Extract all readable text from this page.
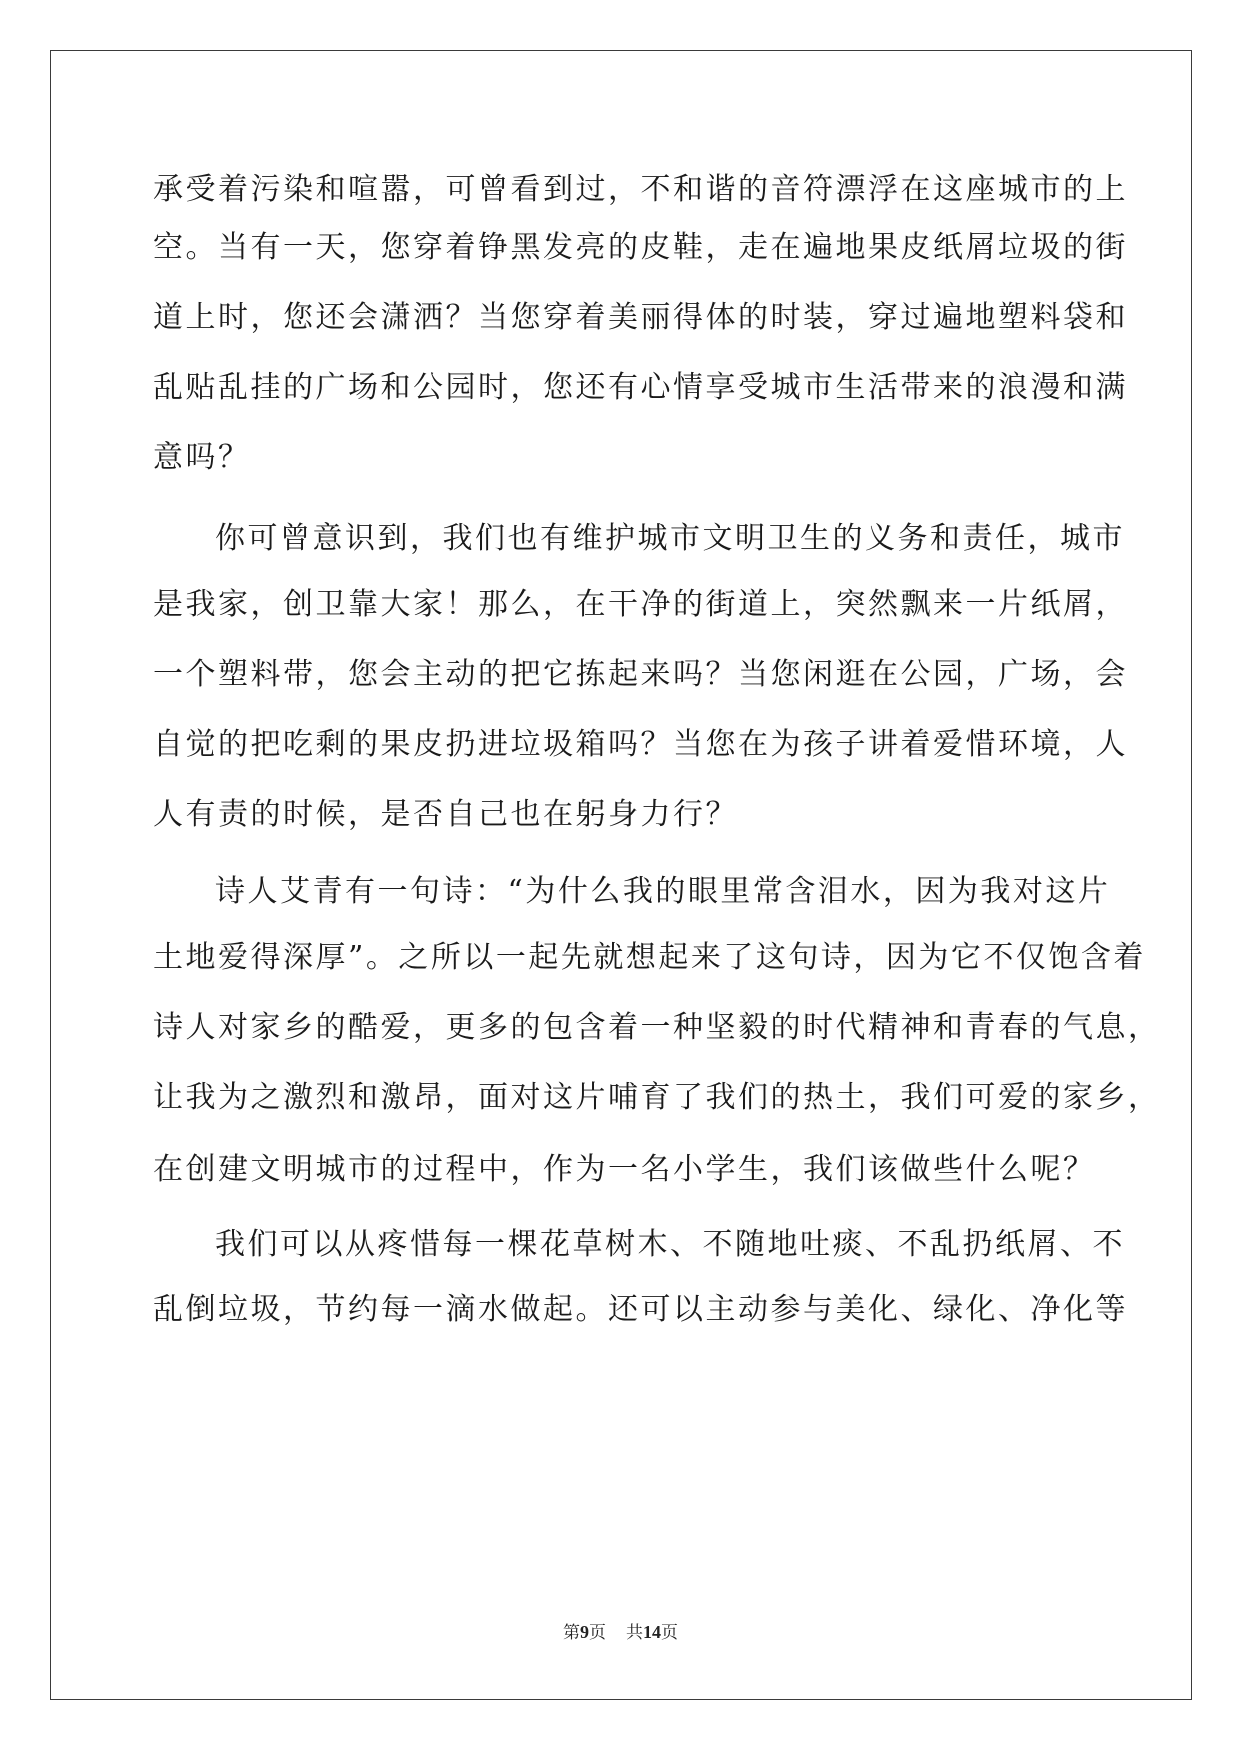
承受着污染和喧嚣，可曾看到过，不和谐的音符漂浮在这座城市的上
空。当有一天，您穿着铮黑发亮的皮鞋，走在遍地果皮纸屑垃圾的街
道上时，您还会潇洒？当您穿着美丽得体的时装，穿过遍地塑料袋和
乱贴乱挂的广场和公园时，您还有心情享受城市生活带来的浪漫和满
意吗？
你可曾意识到，我们也有维护城市文明卫生的义务和责任，城市
是我家，创卫靠大家！那么，在干净的街道上，突然飘来一片纸屑，
一个塑料带，您会主动的把它拣起来吗？当您闲逛在公园，广场，会
自觉的把吃剩的果皮扔进垃圾箱吗？当您在为孩子讲着爱惜环境，人
人有责的时候，是否自己也在躬身力行？
诗人艾青有一句诗：“为什么我的眼里常含泪水，因为我对这片
土地爱得深厚”。之所以一起先就想起来了这句诗，因为它不仅饱含着
诗人对家乡的酷爱，更多的包含着一种坚毅的时代精神和青春的气息，
让我为之激烈和激昂，面对这片哺育了我们的热土，我们可爱的家乡，
在创建文明城市的过程中，作为一名小学生，我们该做些什么呢？
我们可以从疼惜每一棵花草树木、不随地吐痰、不乱扔纸屑、不
乱倒垃圾，节约每一滴水做起。还可以主动参与美化、绿化、净化等
第9页 共14页
